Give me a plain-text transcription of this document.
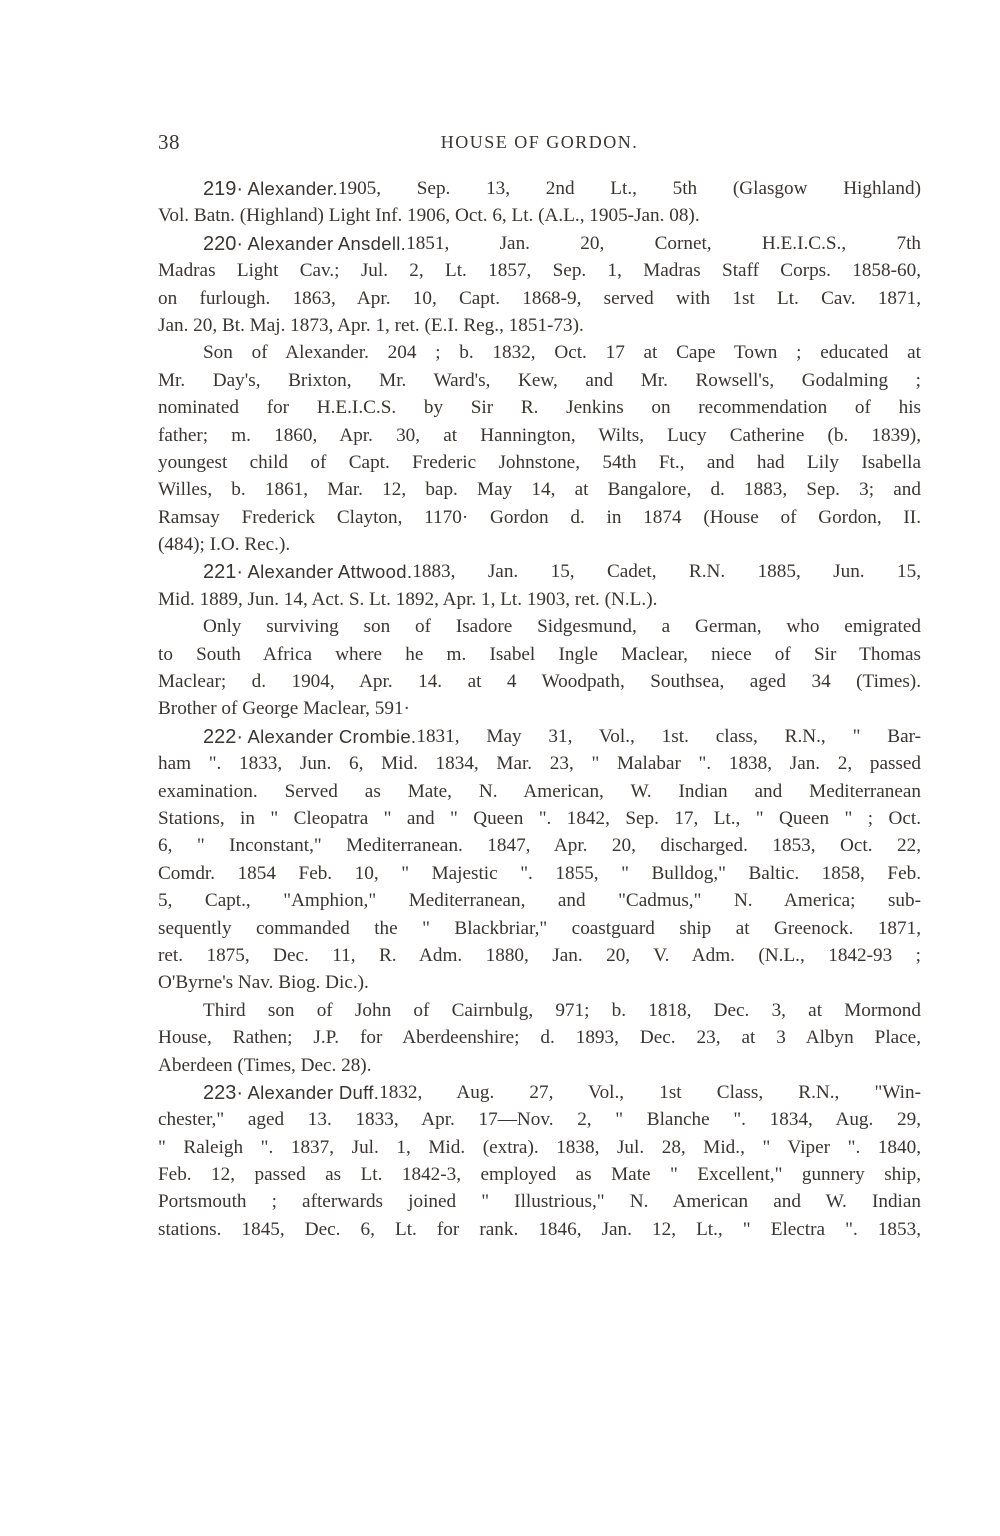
38	HOUSE OF GORDON.
219· Alexander. 1905, Sep. 13, 2nd Lt., 5th (Glasgow Highland)
Vol. Batn. (Highland) Light Inf. 1906, Oct. 6, Lt. (A.L., 1905-Jan. 08).
220· Alexander Ansdell. 1851, Jan. 20, Cornet, H.E.I.C.S., 7th
Madras Light Cav.; Jul. 2, Lt. 1857, Sep. 1, Madras Staff Corps. 1858-60,
on furlough. 1863, Apr. 10, Capt. 1868-9, served with 1st Lt. Cav. 1871,
Jan. 20, Bt. Maj. 1873, Apr. 1, ret. (E.I. Reg., 1851-73).
Son of Alexander. 204 ; b. 1832, Oct. 17 at Cape Town ; educated at
Mr. Day's, Brixton, Mr. Ward's, Kew, and Mr. Rowsell's, Godalming ;
nominated for H.E.I.C.S. by Sir R. Jenkins on recommendation of his
father; m. 1860, Apr. 30, at Hannington, Wilts, Lucy Catherine (b. 1839),
youngest child of Capt. Frederic Johnstone, 54th Ft., and had Lily Isabella
Willes, b. 1861, Mar. 12, bap. May 14, at Bangalore, d. 1883, Sep. 3; and
Ramsay Frederick Clayton, 1170· Gordon d. in 1874 (House of Gordon, II.
(484); I.O. Rec.).
221· Alexander Attwood. 1883, Jan. 15, Cadet, R.N. 1885, Jun. 15,
Mid. 1889, Jun. 14, Act. S. Lt. 1892, Apr. 1, Lt. 1903, ret. (N.L.).
Only surviving son of Isadore Sidgesmund, a German, who emigrated
to South Africa where he m. Isabel Ingle Maclear, niece of Sir Thomas
Maclear; d. 1904, Apr. 14. at 4 Woodpath, Southsea, aged 34 (Times).
Brother of George Maclear, 591·
222· Alexander Crombie. 1831, May 31, Vol., 1st. class, R.N., " Bar-
ham ". 1833, Jun. 6, Mid. 1834, Mar. 23, " Malabar ". 1838, Jan. 2, passed
examination. Served as Mate, N. American, W. Indian and Mediterranean
Stations, in " Cleopatra " and " Queen ". 1842, Sep. 17, Lt., " Queen " ; Oct.
6, " Inconstant," Mediterranean. 1847, Apr. 20, discharged. 1853, Oct. 22,
Comdr. 1854 Feb. 10, " Majestic ". 1855, " Bulldog," Baltic. 1858, Feb.
5, Capt., "Amphion," Mediterranean, and "Cadmus," N. America; sub-
sequently commanded the " Blackbriar," coastguard ship at Greenock. 1871,
ret. 1875, Dec. 11, R. Adm. 1880, Jan. 20, V. Adm. (N.L., 1842-93 ;
O'Byrne's Nav. Biog. Dic.).
Third son of John of Cairnbulg, 971; b. 1818, Dec. 3, at Mormond
House, Rathen; J.P. for Aberdeenshire; d. 1893, Dec. 23, at 3 Albyn Place,
Aberdeen (Times, Dec. 28).
223· Alexander Duff. 1832, Aug. 27, Vol., 1st Class, R.N., "Win-
chester," aged 13. 1833, Apr. 17—Nov. 2, " Blanche ". 1834, Aug. 29,
" Raleigh ". 1837, Jul. 1, Mid. (extra). 1838, Jul. 28, Mid., " Viper ". 1840,
Feb. 12, passed as Lt. 1842-3, employed as Mate " Excellent," gunnery ship,
Portsmouth ; afterwards joined " Illustrious," N. American and W. Indian
stations. 1845, Dec. 6, Lt. for rank. 1846, Jan. 12, Lt., " Electra ". 1853,
